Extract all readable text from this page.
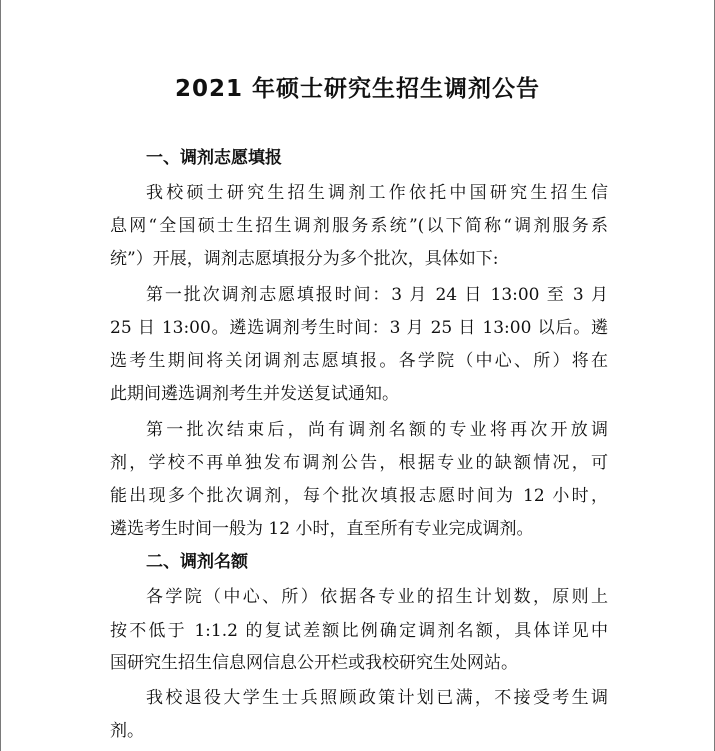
2021 年硕士研究生招生调剂公告
一、调剂志愿填报
我校硕士研究生招生调剂工作依托中国研究生招生信
息网“全国硕士生招生调剂服务系统”(以下简称“调剂服务系
统”）开展，调剂志愿填报分为多个批次，具体如下:
第一批次调剂志愿填报时间：3 月 24 日 13:00 至 3 月
25 日 13:00。遴选调剂考生时间：3 月 25 日 13:00 以后。遴
选考生期间将关闭调剂志愿填报。各学院（中心、所）将在
此期间遴选调剂考生并发送复试通知。
第一批次结束后，尚有调剂名额的专业将再次开放调
剂，学校不再单独发布调剂公告，根据专业的缺额情况，可
能出现多个批次调剂，每个批次填报志愿时间为 12 小时，
遴选考生时间一般为 12 小时，直至所有专业完成调剂。
二、调剂名额
各学院（中心、所）依据各专业的招生计划数，原则上
按不低于 1:1.2 的复试差额比例确定调剂名额，具体详见中
国研究生招生信息网信息公开栏或我校研究生处网站。
我校退役大学生士兵照顾政策计划已满，不接受考生调
剂。
